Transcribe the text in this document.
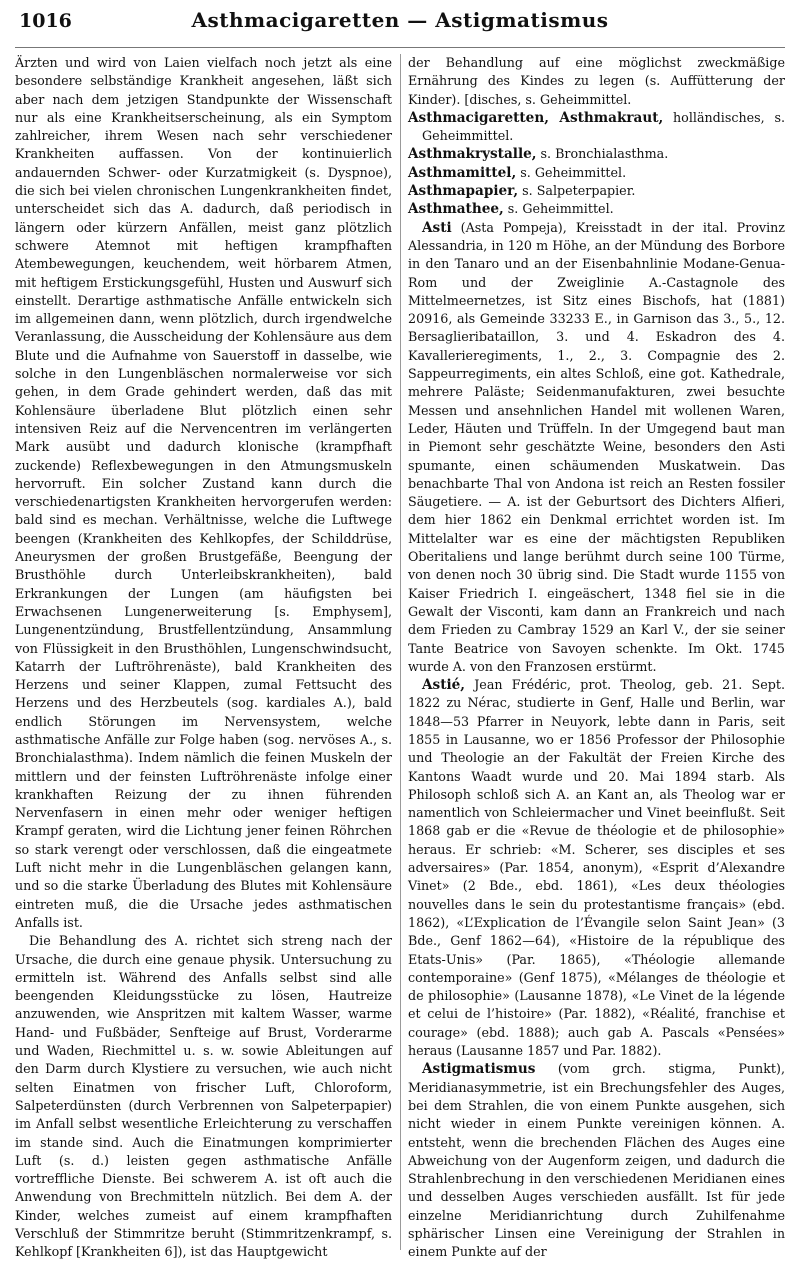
1016	Asthmacigaretten — Astigmatismus

Ärzten und wird von Laien vielfach noch jetzt als eine besondere selbständige Krankheit angesehen, läßt sich aber nach dem jetzigen Standpunkte der Wissenschaft nur als eine Krankheitserscheinung, als ein Symptom zahlreicher, ihrem Wesen nach sehr verschiedener Krankheiten auffassen. Von der kontinuierlich andauernden Schwer- oder Kurzatmigkeit (s. Dyspnoe), die sich bei vielen chronischen Lungenkrankheiten findet, unterscheidet sich das A. dadurch, daß periodisch in längern oder kürzern Anfällen, meist ganz plötzlich schwere Atemnot mit heftigen krampfhaften Atembewegungen, keuchendem, weit hörbarem Atmen, mit heftigem Erstickungsgefühl, Husten und Auswurf sich einstellt. Derartige asthmatische Anfälle entwickeln sich im allgemeinen dann, wenn plötzlich, durch irgendwelche Veranlassung, die Ausscheidung der Kohlensäure aus dem Blute und die Aufnahme von Sauerstoff in dasselbe, wie solche in den Lungenbläschen normalerweise vor sich gehen, in dem Grade gehindert werden, daß das mit Kohlensäure überladene Blut plötzlich einen sehr intensiven Reiz auf die Nervencentren im verlängerten Mark ausübt und dadurch klonische (krampfhaft zuckende) Reflexbewegungen in den Atmungsmuskeln hervorruft. Ein solcher Zustand kann durch die verschiedenartigsten Krankheiten hervorgerufen werden: bald sind es mechan. Verhältnisse, welche die Luftwege beengen (Krankheiten des Kehlkopfes, der Schilddrüse, Aneurysmen der großen Brustgefäße, Beengung der Brusthöhle durch Unterleibskrankheiten), bald Erkrankungen der Lungen (am häufigsten bei Erwachsenen Lungenerweiterung [s. Emphysem], Lungenentzündung, Brustfellentzündung, Ansammlung von Flüssigkeit in den Brusthöhlen, Lungenschwindsucht, Katarrh der Luftröhrenäste), bald Krankheiten des Herzens und seiner Klappen, zumal Fettsucht des Herzens und des Herzbeutels (sog. kardiales A.), bald endlich Störungen im Nervensystem, welche asthmatische Anfälle zur Folge haben (sog. nervöses A., s. Bronchialasthma). Indem nämlich die feinen Muskeln der mittlern und der feinsten Luftröhrenäste infolge einer krankhaften Reizung der zu ihnen führenden Nervenfasern in einen mehr oder weniger heftigen Krampf geraten, wird die Lichtung jener feinen Röhrchen so stark verengt oder verschlossen, daß die eingeatmete Luft nicht mehr in die Lungenbläschen gelangen kann, und so die starke Überladung des Blutes mit Kohlensäure eintreten muß, die die Ursache jedes asthmatischen Anfalls ist.

Die Behandlung des A. richtet sich streng nach der Ursache, die durch eine genaue physik. Untersuchung zu ermitteln ist. Während des Anfalls selbst sind alle beengenden Kleidungsstücke zu lösen, Hautreize anzuwenden, wie Anspritzen mit kaltem Wasser, warme Hand- und Fußbäder, Senfteige auf Brust, Vorderarme und Waden, Riechmittel u. s. w. sowie Ableitungen auf den Darm durch Klystiere zu versuchen, wie auch nicht selten Einatmen von frischer Luft, Chloroform, Salpeterdünsten (durch Verbrennen von Salpeterpapier) im Anfall selbst wesentliche Erleichterung zu verschaffen im stande sind. Auch die Einatmungen komprimierter Luft (s. d.) leisten gegen asthmatische Anfälle vortreffliche Dienste. Bei schwerem A. ist oft auch die Anwendung von Brechmitteln nützlich. Bei dem A. der Kinder, welches zumeist auf einem krampfhaften Verschluß der Stimmritze beruht (Stimmritzenkrampf, s. Kehlkopf [Krankheiten 6]), ist das Hauptgewicht

der Behandlung auf eine möglichst zweckmäßige Ernährung des Kindes zu legen (s. Auffütterung der Kinder). [disches, s. Geheimmittel.

Asthmacigaretten, Asthmakraut, holländisches, s. Geheimmittel.

Asthmakrystalle, s. Bronchialasthma.

Asthmamittel, s. Geheimmittel.

Asthmapapier, s. Salpeterpapier.

Asthmathee, s. Geheimmittel.

Asti (Asta Pompeja), Kreisstadt in der ital. Provinz Alessandria, in 120 m Höhe, an der Mündung des Borbore in den Tanaro und an der Eisenbahnlinie Modane-Genua-Rom und der Zweiglinie A.-Castagnole des Mittelmeernetzes, ist Sitz eines Bischofs, hat (1881) 20916, als Gemeinde 33233 E., in Garnison das 3., 5., 12. Bersaglieribataillon, 3. und 4. Eskadron des 4. Kavallerieregiments, 1., 2., 3. Compagnie des 2. Sappeurregiments, ein altes Schloß, eine got. Kathedrale, mehrere Paläste; Seidenmanufakturen, zwei besuchte Messen und ansehnlichen Handel mit wollenen Waren, Leder, Häuten und Trüffeln. In der Umgegend baut man in Piemont sehr geschätzte Weine, besonders den Asti spumante, einen schäumenden Muskatwein. Das benachbarte Thal von Andona ist reich an Resten fossiler Säugetiere. — A. ist der Geburtsort des Dichters Alfieri, dem hier 1862 ein Denkmal errichtet worden ist. Im Mittelalter war es eine der mächtigsten Republiken Oberitaliens und lange berühmt durch seine 100 Türme, von denen noch 30 übrig sind. Die Stadt wurde 1155 von Kaiser Friedrich I. eingeäschert, 1348 fiel sie in die Gewalt der Visconti, kam dann an Frankreich und nach dem Frieden zu Cambray 1529 an Karl V., der sie seiner Tante Beatrice von Savoyen schenkte. Im Okt. 1745 wurde A. von den Franzosen erstürmt.

Astié, Jean Frédéric, prot. Theolog, geb. 21. Sept. 1822 zu Nérac, studierte in Genf, Halle und Berlin, war 1848—53 Pfarrer in Neuyork, lebte dann in Paris, seit 1855 in Lausanne, wo er 1856 Professor der Philosophie und Theologie an der Fakultät der Freien Kirche des Kantons Waadt wurde und 20. Mai 1894 starb. Als Philosoph schloß sich A. an Kant an, als Theolog war er namentlich von Schleiermacher und Vinet beeinflußt. Seit 1868 gab er die «Revue de théologie et de philosophie» heraus. Er schrieb: «M. Scherer, ses disciples et ses adversaires» (Par. 1854, anonym), «Esprit d’Alexandre Vinet» (2 Bde., ebd. 1861), «Les deux théologies nouvelles dans le sein du protestantisme français» (ebd. 1862), «L’Explication de l’Évangile selon Saint Jean» (3 Bde., Genf 1862—64), «Histoire de la république des Etats-Unis» (Par. 1865), «Théologie allemande contemporaine» (Genf 1875), «Mélanges de théologie et de philosophie» (Lausanne 1878), «Le Vinet de la légende et celui de l’histoire» (Par. 1882), «Réalité, franchise et courage» (ebd. 1888); auch gab A. Pascals «Pensées» heraus (Lausanne 1857 und Par. 1882).

Astigmatismus (vom grch. stigma, Punkt), Meridianasymmetrie, ist ein Brechungsfehler des Auges, bei dem Strahlen, die von einem Punkte ausgehen, sich nicht wieder in einem Punkte vereinigen können. A. entsteht, wenn die brechenden Flächen des Auges eine Abweichung von der Augenform zeigen, und dadurch die Strahlenbrechung in den verschiedenen Meridianen eines und desselben Auges verschieden ausfällt. Ist für jede einzelne Meridianrichtung durch Zuhilfenahme sphärischer Linsen eine Vereinigung der Strahlen in einem Punkte auf der
